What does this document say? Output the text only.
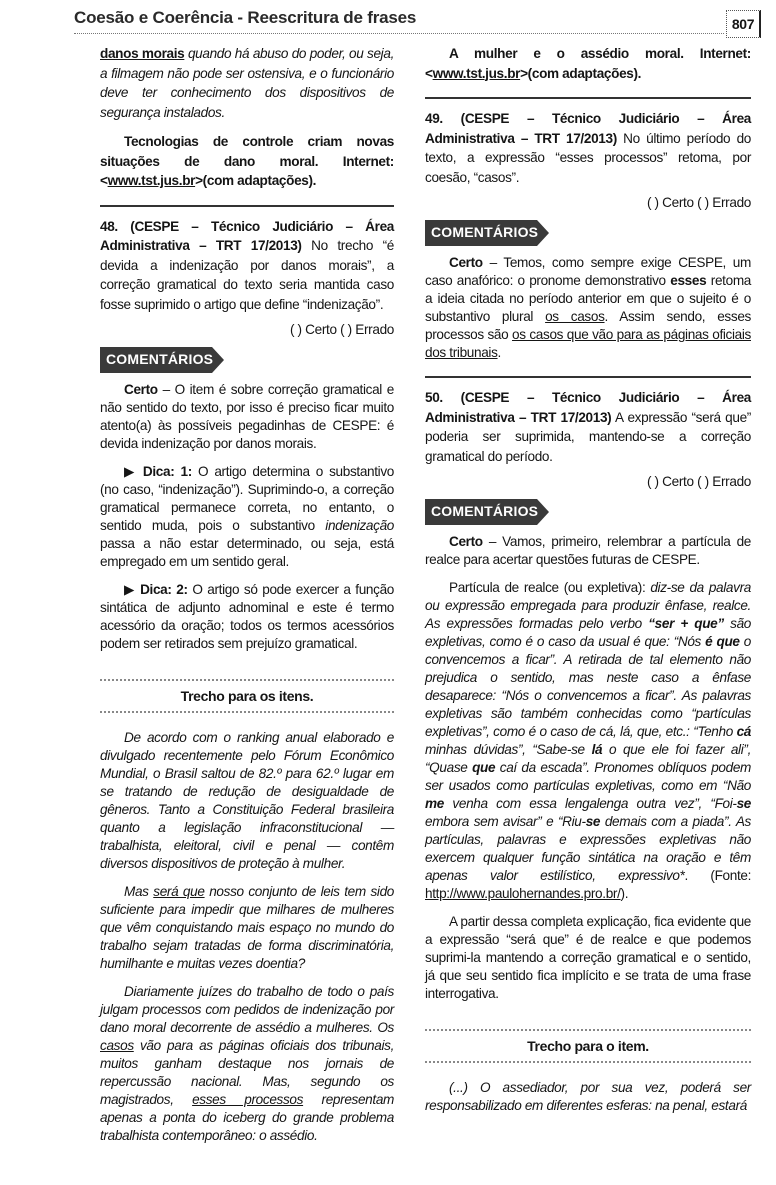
Coesão e Coerência - Reescritura de frases	807

danos morais quando há abuso do poder, ou seja, a filmagem não pode ser ostensiva, e o funcionário deve ter conhecimento dos dispositivos de segurança instalados.

Tecnologias de controle criam novas situações de dano moral. Internet: <www.tst.jus.br>(com adaptações).

48. (CESPE – Técnico Judiciário – Área Administrativa – TRT 17/2013) No trecho “é devida a indenização por danos morais”, a correção gramatical do texto seria mantida caso fosse suprimido o artigo que define “indenização”.

( ) Certo ( ) Errado
COMENTÁRIOS

Certo – O item é sobre correção gramatical e não sentido do texto, por isso é preciso ficar muito atento(a) às possíveis pegadinhas de CESPE: é devida indenização por danos morais.

▶ Dica: 1: O artigo determina o substantivo (no caso, “indenização”). Suprimindo-o, a correção gramatical permanece correta, no entanto, o sentido muda, pois o substantivo indenização passa a não estar determinado, ou seja, está empregado em um sentido geral.

▶ Dica: 2: O artigo só pode exercer a função sintática de adjunto adnominal e este é termo acessório da oração; todos os termos acessórios podem ser retirados sem prejuízo gramatical.

Trecho para os itens.

De acordo com o ranking anual elaborado e divulgado recentemente pelo Fórum Econômico Mundial, o Brasil saltou de 82.º para 62.º lugar em se tratando de redução de desigualdade de gêneros. Tanto a Constituição Federal brasileira quanto a legislação infraconstitucional — trabalhista, eleitoral, civil e penal — contêm diversos dispositivos de proteção à mulher.

Mas será que nosso conjunto de leis tem sido suficiente para impedir que milhares de mulheres que vêm conquistando mais espaço no mundo do trabalho sejam tratadas de forma discriminatória, humilhante e muitas vezes doentia?

Diariamente juízes do trabalho de todo o país julgam processos com pedidos de indenização por dano moral decorrente de assédio a mulheres. Os casos vão para as páginas oficiais dos tribunais, muitos ganham destaque nos jornais de repercussão nacional. Mas, segundo os magistrados, esses processos representam apenas a ponta do iceberg do grande problema trabalhista contemporâneo: o assédio.

A mulher e o assédio moral. Internet: <www.tst.jus.br>(com adaptações).

49. (CESPE – Técnico Judiciário – Área Administrativa – TRT 17/2013) No último período do texto, a expressão “esses processos” retoma, por coesão, “casos”.

( ) Certo ( ) Errado
COMENTÁRIOS

Certo – Temos, como sempre exige CESPE, um caso anafórico: o pronome demonstrativo esses retoma a ideia citada no período anterior em que o sujeito é o substantivo plural os casos. Assim sendo, esses processos são os casos que vão para as páginas oficiais dos tribunais.

50. (CESPE – Técnico Judiciário – Área Administrativa – TRT 17/2013) A expressão “será que” poderia ser suprimida, mantendo-se a correção gramatical do período.

( ) Certo ( ) Errado
COMENTÁRIOS

Certo – Vamos, primeiro, relembrar a partícula de realce para acertar questões futuras de CESPE.

Partícula de realce (ou expletiva): diz-se da palavra ou expressão empregada para produzir ênfase, realce. As expressões formadas pelo verbo “ser + que” são expletivas, como é o caso da usual é que: “Nós é que o convencemos a ficar”. A retirada de tal elemento não prejudica o sentido, mas neste caso a ênfase desaparece: “Nós o convencemos a ficar”. As palavras expletivas são também conhecidas como “partículas expletivas”, como é o caso de cá, lá, que, etc.: “Tenho cá minhas dúvidas”, “Sabe-se lá o que ele foi fazer ali”, “Quase que caí da escada”. Pronomes oblíquos podem ser usados como partículas expletivas, como em “Não me venha com essa lengalenga outra vez”, “Foi-se embora sem avisar” e “Riu-se demais com a piada”. As partículas, palavras e expressões expletivas não exercem qualquer função sintática na oração e têm apenas valor estilístico, expressivo*. (Fonte: http://www.paulohernandes.pro.br/).

A partir dessa completa explicação, fica evidente que a expressão “será que” é de realce e que podemos suprimi-la mantendo a correção gramatical e o sentido, já que seu sentido fica implícito e se trata de uma frase interrogativa.

Trecho para o item.

(...) O assediador, por sua vez, poderá ser responsabilizado em diferentes esferas: na penal, estará
